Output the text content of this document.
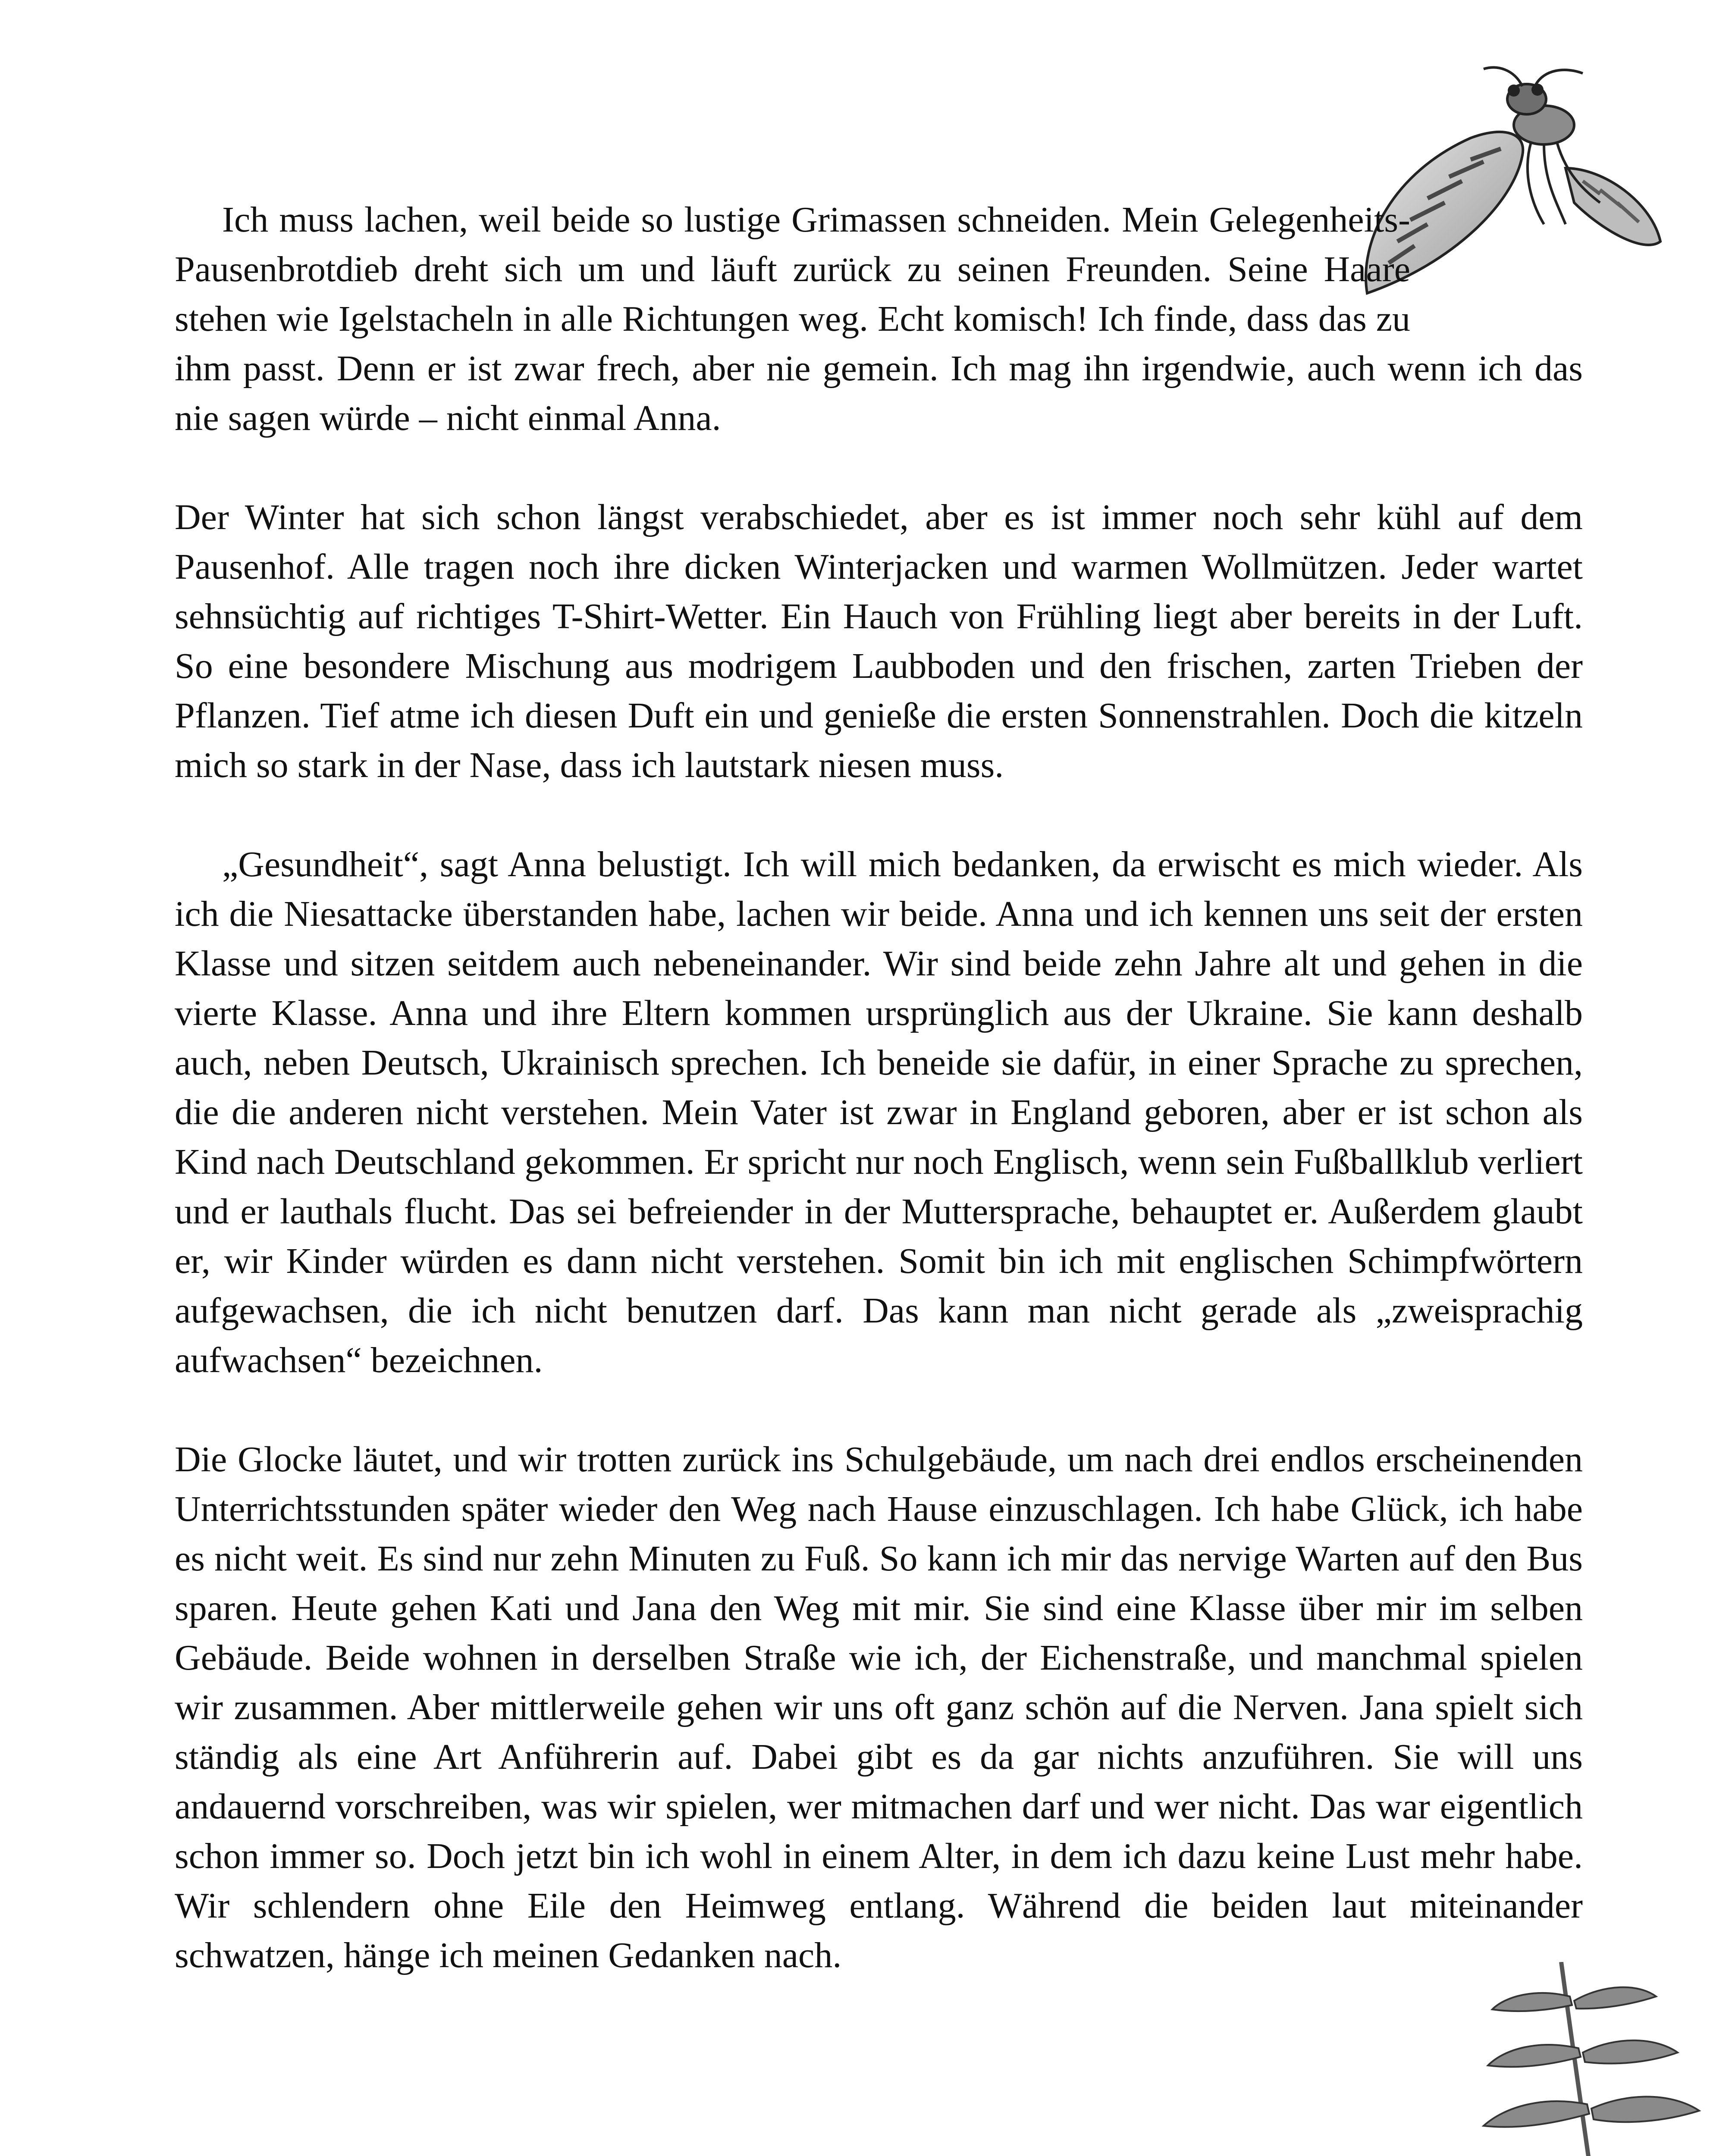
Ich muss lachen, weil beide so lustige Grimassen schneiden. Mein Gelegenheits-Pausenbrotdieb dreht sich um und läuft zurück zu seinen Freunden. Seine Haare stehen wie Igelstacheln in alle Richtungen weg. Echt komisch! Ich finde, dass das zu ihm passt. Denn er ist zwar frech, aber nie gemein. Ich mag ihn irgendwie, auch wenn ich das nie sagen würde – nicht einmal Anna.

Der Winter hat sich schon längst verabschiedet, aber es ist immer noch sehr kühl auf dem Pausenhof. Alle tragen noch ihre dicken Winterjacken und warmen Wollmützen. Jeder wartet sehnsüchtig auf richtiges T-Shirt-Wetter. Ein Hauch von Frühling liegt aber bereits in der Luft. So eine besondere Mischung aus modrigem Laubboden und den frischen, zarten Trieben der Pflanzen. Tief atme ich diesen Duft ein und genieße die ersten Sonnenstrahlen. Doch die kitzeln mich so stark in der Nase, dass ich lautstark niesen muss.

„Gesundheit“, sagt Anna belustigt. Ich will mich bedanken, da erwischt es mich wieder. Als ich die Niesattacke überstanden habe, lachen wir beide. Anna und ich kennen uns seit der ersten Klasse und sitzen seitdem auch nebeneinander. Wir sind beide zehn Jahre alt und gehen in die vierte Klasse. Anna und ihre Eltern kommen ursprünglich aus der Ukraine. Sie kann deshalb auch, neben Deutsch, Ukrainisch sprechen. Ich beneide sie dafür, in einer Sprache zu sprechen, die die anderen nicht verstehen. Mein Vater ist zwar in England geboren, aber er ist schon als Kind nach Deutschland gekommen. Er spricht nur noch Englisch, wenn sein Fußballklub verliert und er lauthals flucht. Das sei befreiender in der Muttersprache, behauptet er. Außerdem glaubt er, wir Kinder würden es dann nicht verstehen. Somit bin ich mit englischen Schimpfwörtern aufgewachsen, die ich nicht benutzen darf. Das kann man nicht gerade als „zweisprachig aufwachsen“ bezeichnen.

Die Glocke läutet, und wir trotten zurück ins Schulgebäude, um nach drei endlos erscheinenden Unterrichtsstunden später wieder den Weg nach Hause einzuschlagen. Ich habe Glück, ich habe es nicht weit. Es sind nur zehn Minuten zu Fuß. So kann ich mir das nervige Warten auf den Bus sparen. Heute gehen Kati und Jana den Weg mit mir. Sie sind eine Klasse über mir im selben Gebäude. Beide wohnen in derselben Straße wie ich, der Eichenstraße, und manchmal spielen wir zusammen. Aber mittlerweile gehen wir uns oft ganz schön auf die Nerven. Jana spielt sich ständig als eine Art Anführerin auf. Dabei gibt es da gar nichts anzuführen. Sie will uns andauernd vorschreiben, was wir spielen, wer mitmachen darf und wer nicht. Das war eigentlich schon immer so. Doch jetzt bin ich wohl in einem Alter, in dem ich dazu keine Lust mehr habe. Wir schlendern ohne Eile den Heimweg entlang. Während die beiden laut miteinander schwatzen, hänge ich meinen Gedanken nach.
